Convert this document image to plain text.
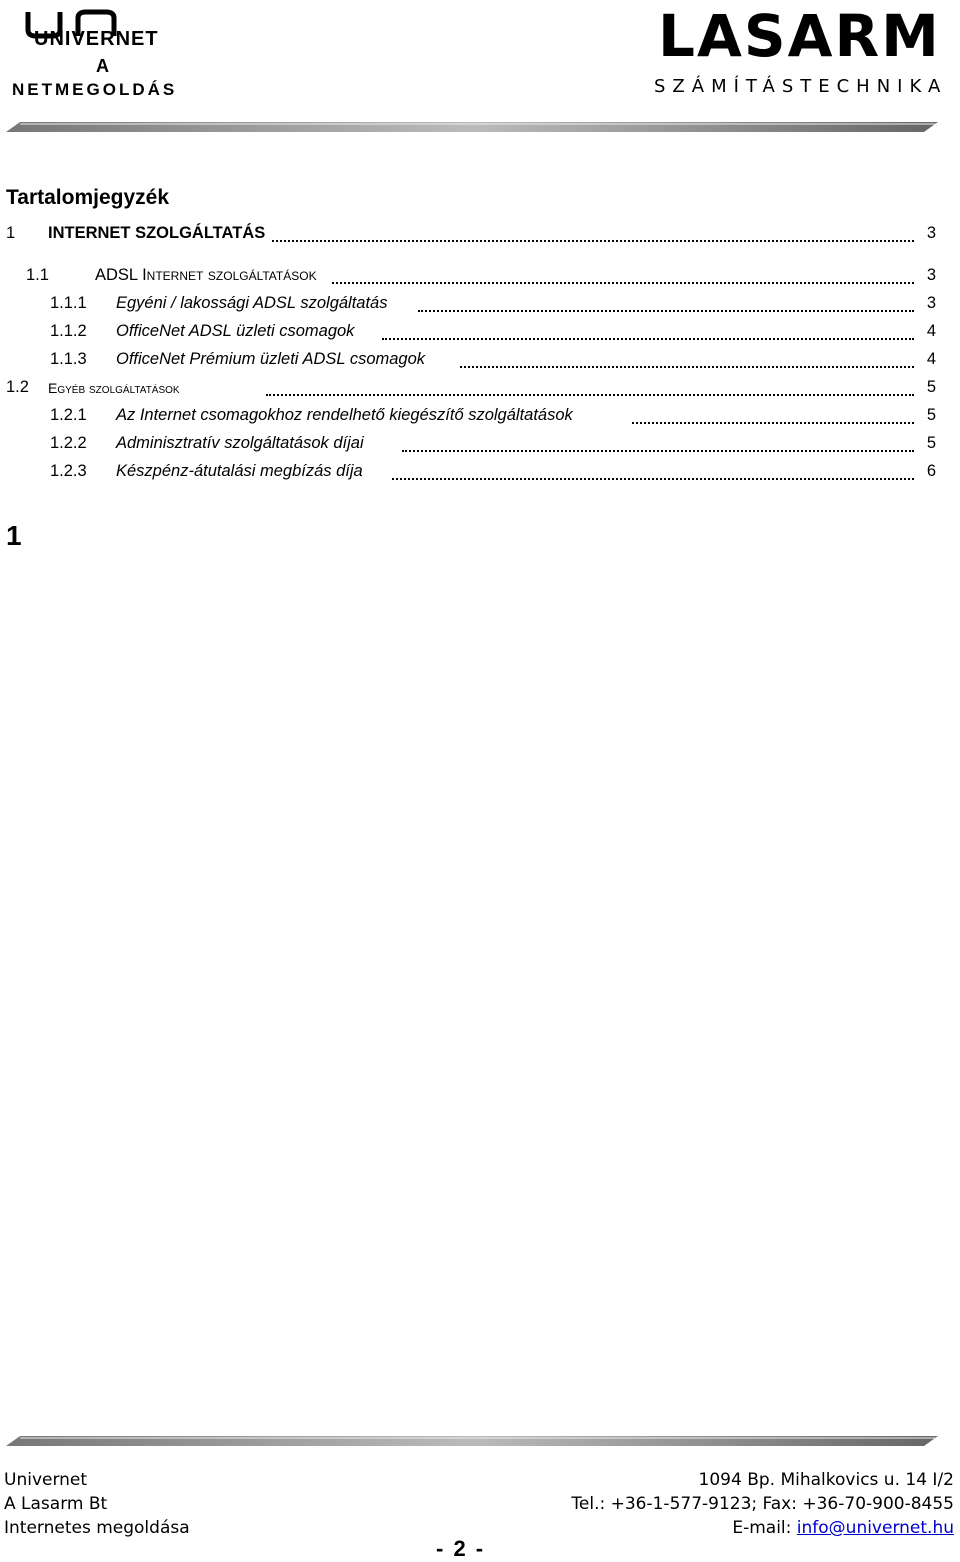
UNIVERNET
A
NETMEGOLDÁS
LASARM
SZÁMÍTÁSTECHNIKA
Tartalomjegyzék
1 INTERNET SZOLGÁLTATÁS	3
1.1	ADSL Internet szolgáltatások	3
1.1.1 Egyéni / lakossági ADSL szolgáltatás	3
1.1.2 OfficeNet ADSL üzleti csomagok	4
1.1.3 OfficeNet Prémium üzleti ADSL csomagok	4
1.2 Egyéb szolgáltatások	5
1.2.1 Az Internet csomagokhoz rendelhető kiegészítő szolgáltatások	5
1.2.2 Adminisztratív szolgáltatások díjai	5
1.2.3 Készpénz-átutalási megbízás díja	6
1
Univernet
A Lasarm Bt
Internetes megoldása
1094 Bp. Mihalkovics u. 14 I/2
Tel.: +36-1-577-9123; Fax: +36-70-900-8455
E-mail: info@univernet.hu
- 2 -
